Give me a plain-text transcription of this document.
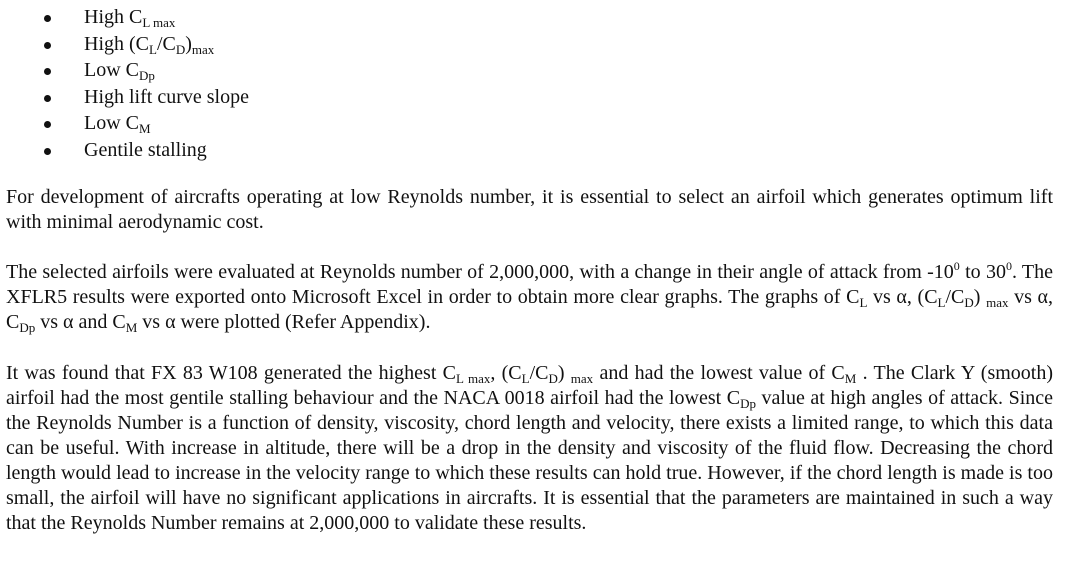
High $C_{L max}$
High $(C_L/C_D)_{max}$
Low $C_{Dp}$
High lift curve slope
Low $C_M$
Gentile stalling

For development of aircrafts operating at low Reynolds number, it is essential to select an airfoil which generates optimum lift with minimal aerodynamic cost.

The selected airfoils were evaluated at Reynolds number of 2,000,000, with a change in their angle of attack from $-10^0$ to $30^0$. The XFLR5 results were exported onto Microsoft Excel in order to obtain more clear graphs. The graphs of $C_L$ vs α, $(C_L/C_D)$ $_{max}$ vs α, $C_{Dp}$ vs α and $C_M$ vs α were plotted (Refer Appendix).

It was found that FX 83 W108 generated the highest $C_{L max}$, $(C_L/C_D)$ $_{max}$ and had the lowest value of $C_M$ . The Clark Y (smooth) airfoil had the most gentile stalling behaviour and the NACA 0018 airfoil had the lowest $C_{Dp}$ value at high angles of attack. Since the Reynolds Number is a function of density, viscosity, chord length and velocity, there exists a limited range, to which this data can be useful. With increase in altitude, there will be a drop in the density and viscosity of the fluid flow. Decreasing the chord length would lead to increase in the velocity range to which these results can hold true. However, if the chord length is made is too small, the airfoil will have no significant applications in aircrafts. It is essential that the parameters are maintained in such a way that the Reynolds Number remains at 2,000,000 to validate these results.
